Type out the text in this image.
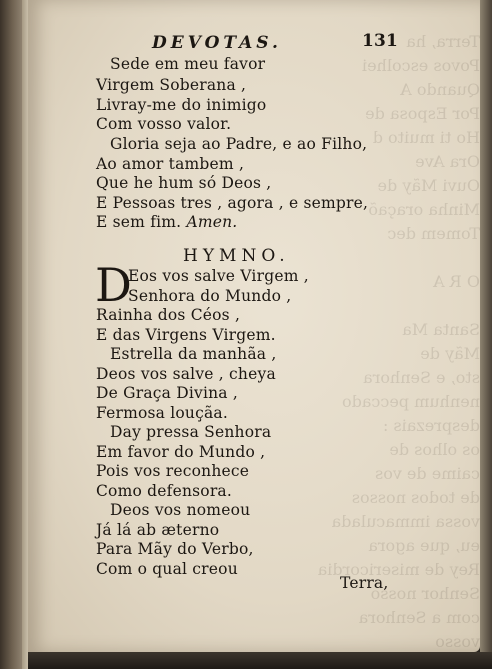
DEVOTAS.	131
Sede em meu favor
Virgem Soberana ,
Livray-me do inimigo
Com vosso valor.
Gloria seja ao Padre, e ao Filho,
Ao amor tambem ,
Que he hum só Deos ,
E Pessoas tres , agora , e sempre,
E sem fim. Amen.
HYMNO.
D
Eos vos salve Virgem ,
Senhora do Mundo ,
Rainha dos Céos ,
E das Virgens Virgem.
Estrella da manhãa ,
Deos vos salve , cheya
De Graça Divina ,
Fermosa louçãa.
Day pressa Senhora
Em favor do Mundo ,
Pois vos reconhece
Como defensora.
Deos vos nomeou
Já lá ab æterno
Para Mãy do Verbo,
Com o qual creou
Terra,
